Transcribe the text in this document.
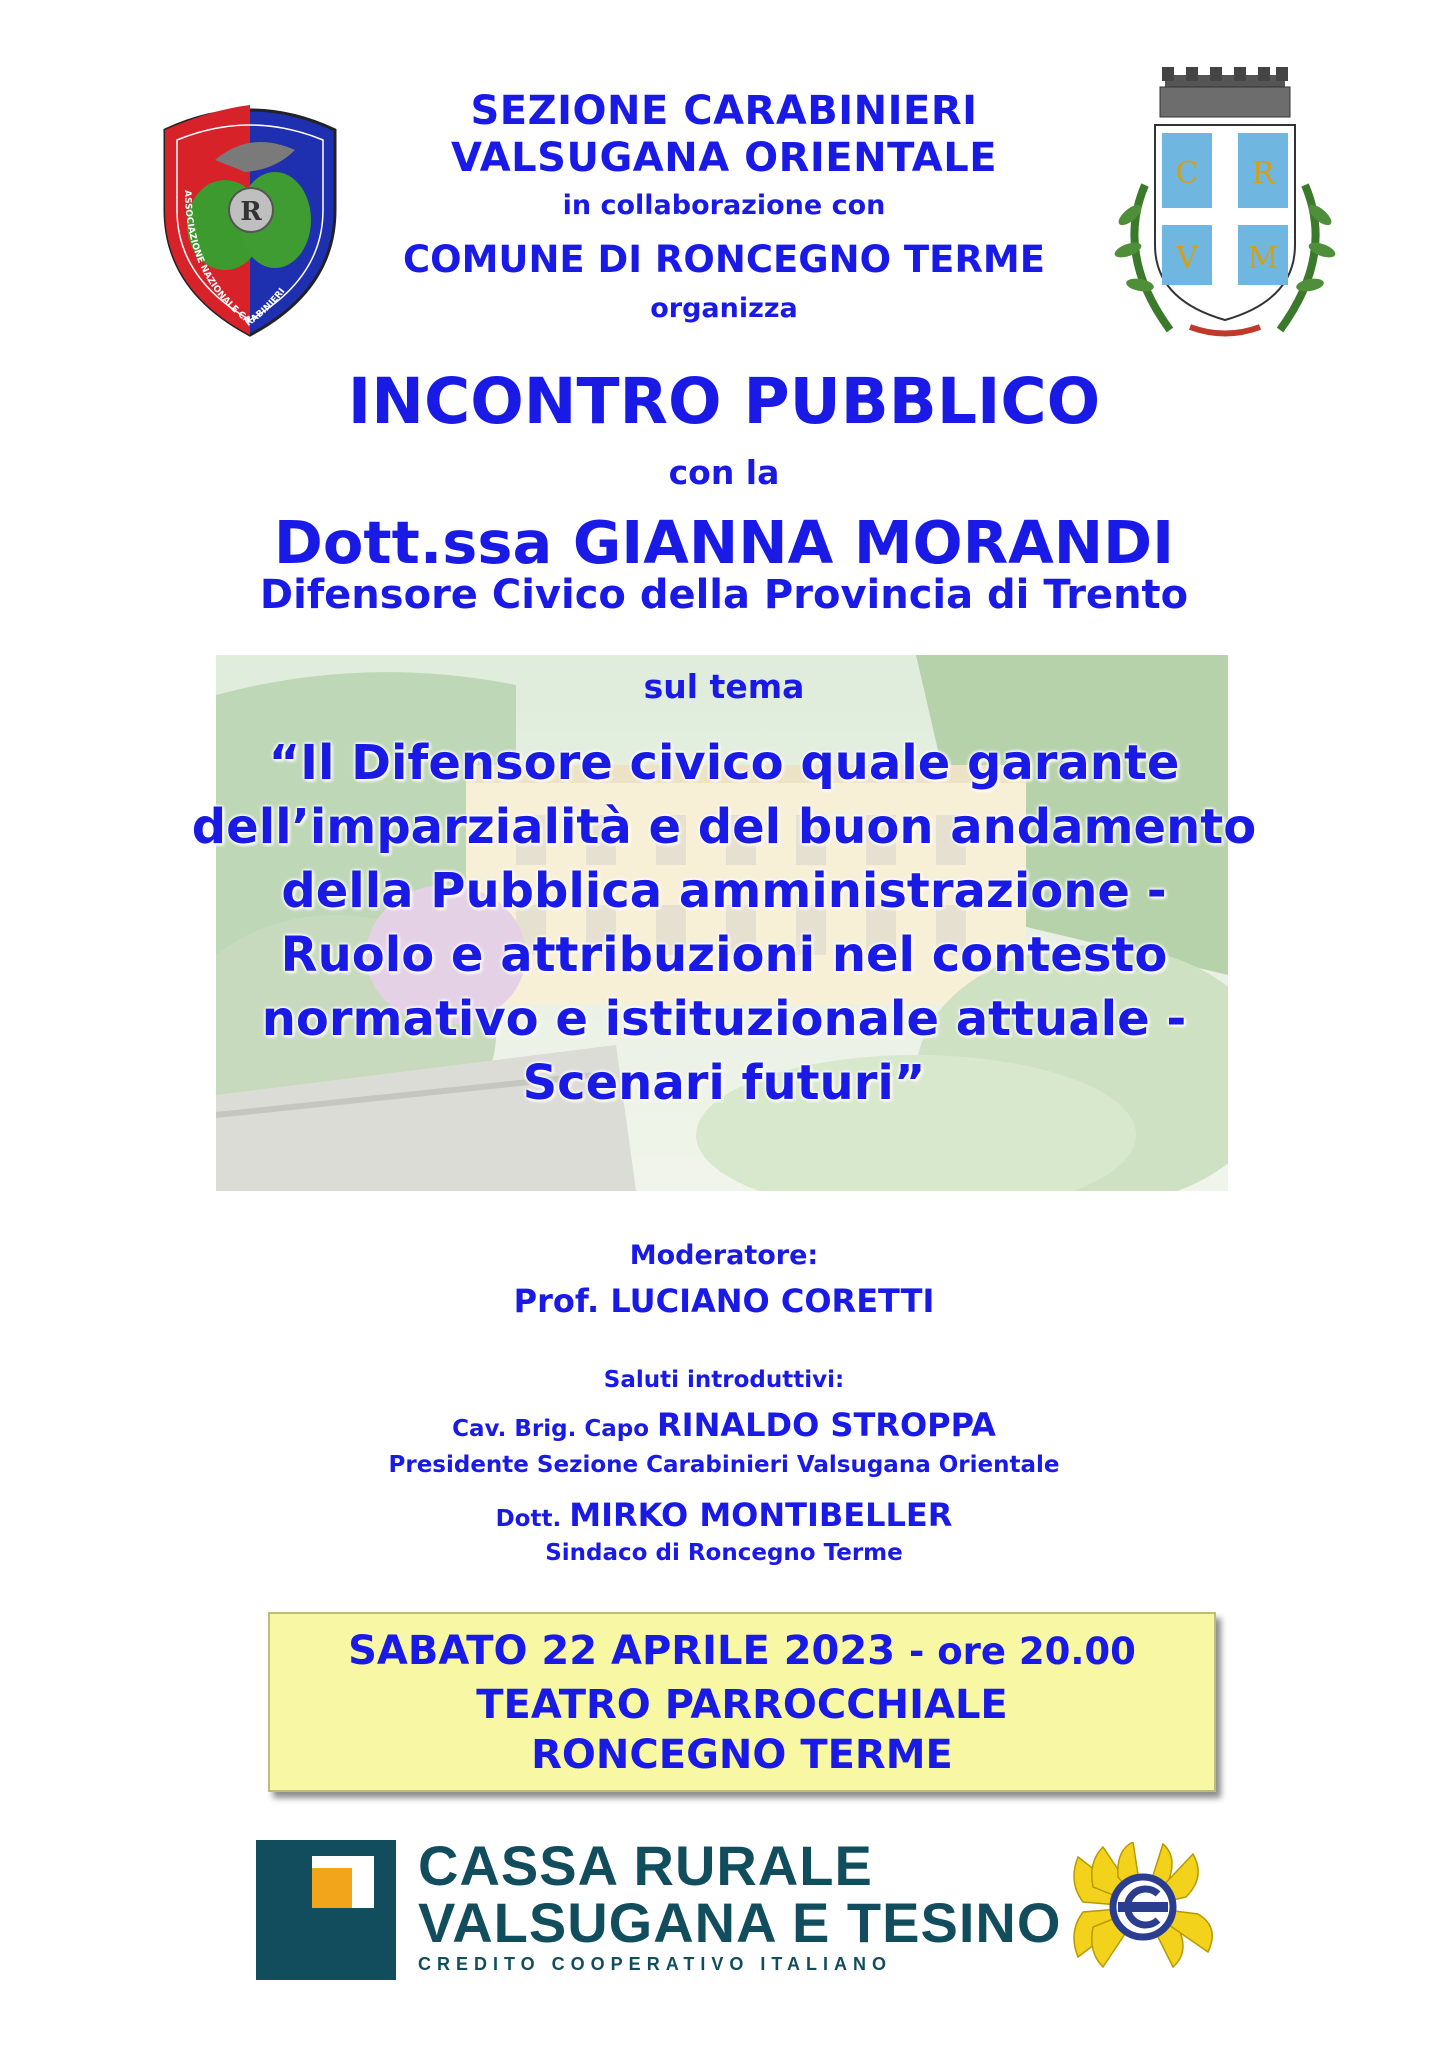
R
ASSOCIAZIONE NAZIONALE CARABINIERI
C R
V M
SEZIONE CARABINIERI
VALSUGANA ORIENTALE
in collaborazione con
COMUNE DI RONCEGNO TERME
organizza
INCONTRO PUBBLICO
con la
Dott.ssa GIANNA MORANDI
Difensore Civico della Provincia di Trento
sul tema
“Il Difensore civico quale garante
dell’imparzialità e del buon andamento
della Pubblica amministrazione -
Ruolo e attribuzioni nel contesto
normativo e istituzionale attuale -
Scenari futuri”
Moderatore:
Prof. LUCIANO CORETTI
Saluti introduttivi:
Cav. Brig. Capo RINALDO STROPPA
Presidente Sezione Carabinieri Valsugana Orientale
Dott. MIRKO MONTIBELLER
Sindaco di Roncegno Terme
SABATO 22 APRILE 2023 - ore 20.00
TEATRO PARROCCHIALE
RONCEGNO TERME
CASSA RURALE
VALSUGANA E TESINO
CREDITO COOPERATIVO ITALIANO
